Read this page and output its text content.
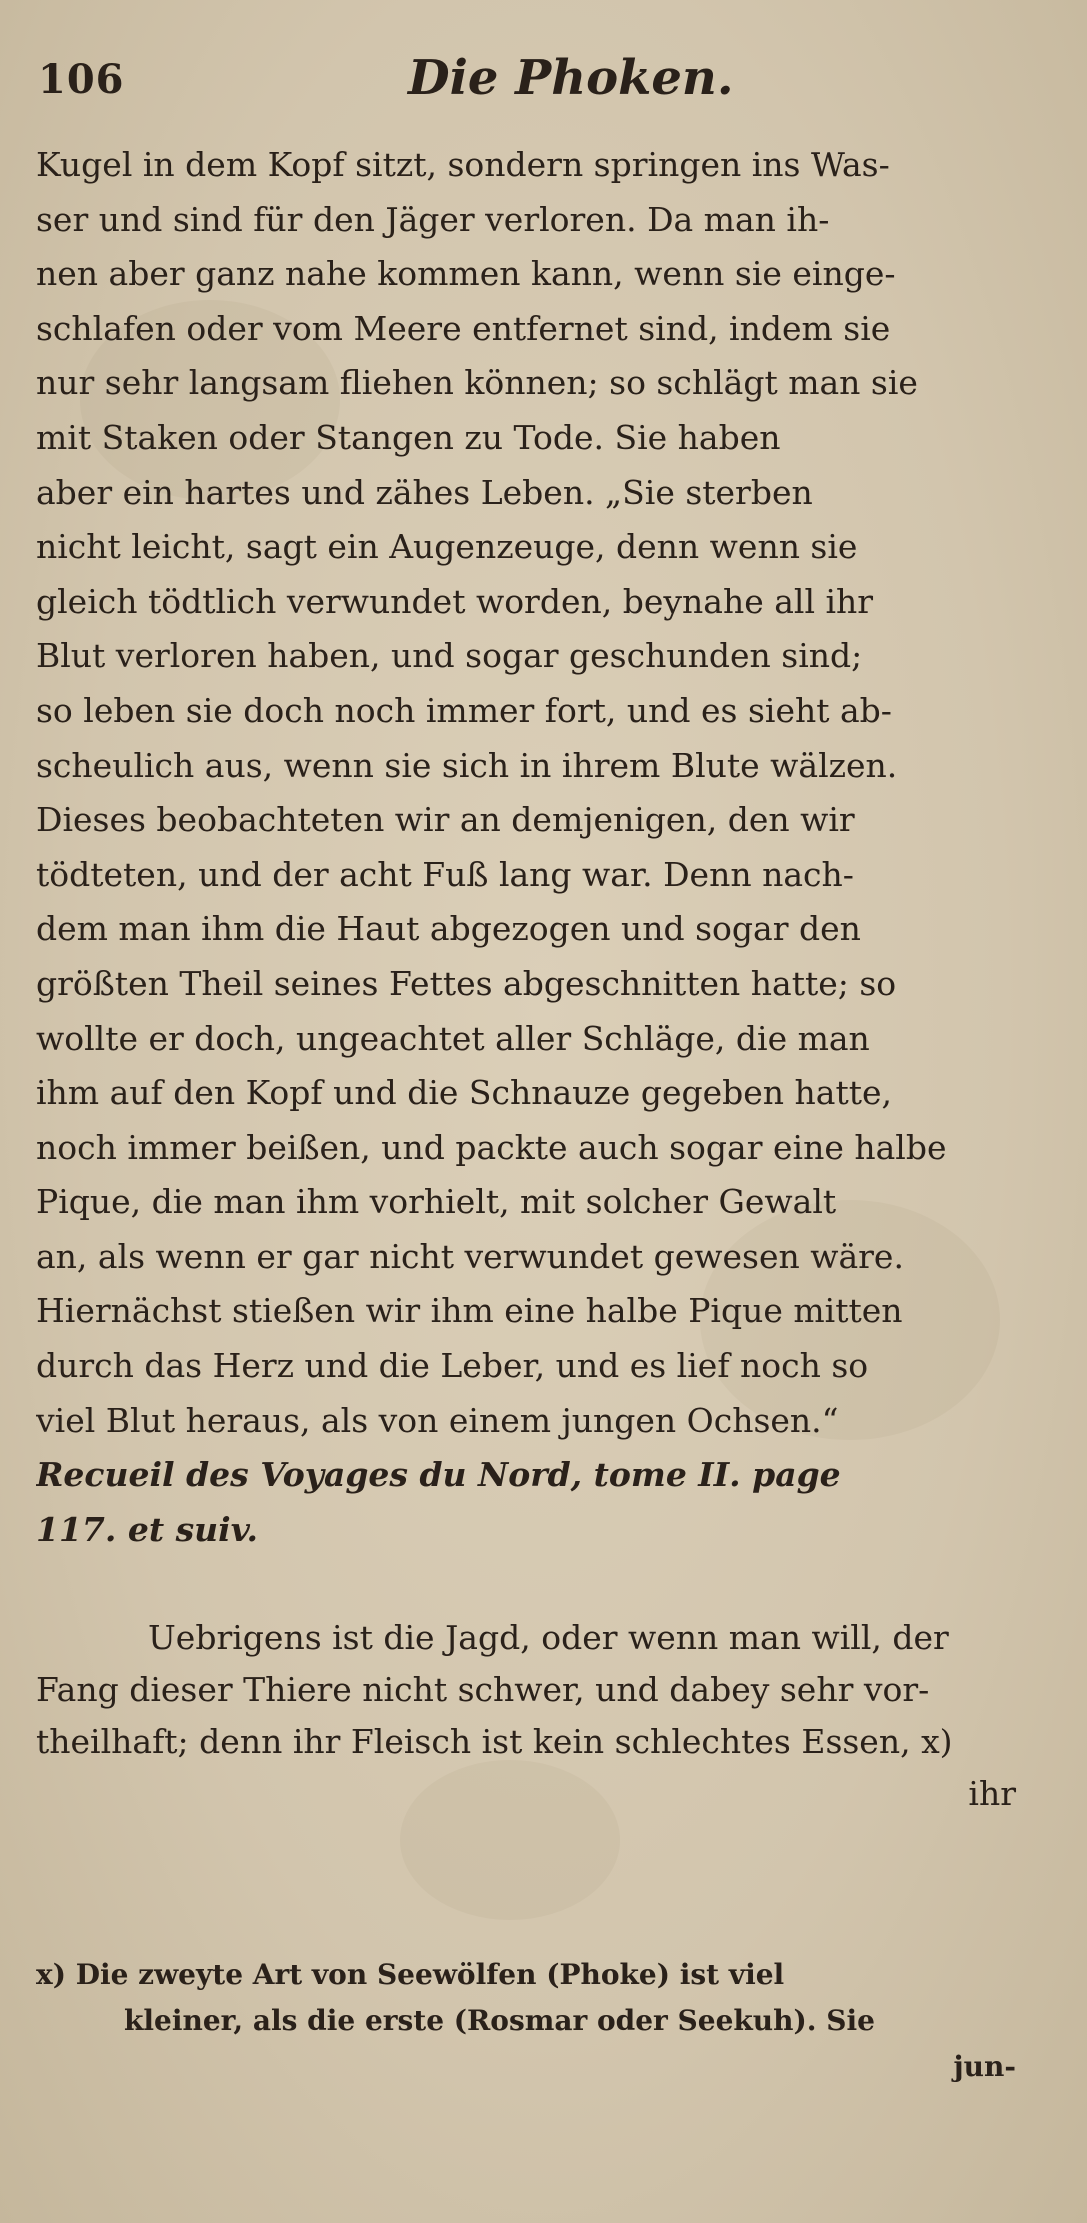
106	Die Phoken.
Kugel in dem Kopf sitzt, sondern springen ins Was-
ser und sind für den Jäger verloren. Da man ih-
nen aber ganz nahe kommen kann, wenn sie einge-
schlafen oder vom Meere entfernet sind, indem sie
nur sehr langsam fliehen können; so schlägt man sie
mit Staken oder Stangen zu Tode. Sie haben
aber ein hartes und zähes Leben. „Sie sterben
nicht leicht, sagt ein Augenzeuge, denn wenn sie
gleich tödtlich verwundet worden, beynahe all ihr
Blut verloren haben, und sogar geschunden sind;
so leben sie doch noch immer fort, und es sieht ab-
scheulich aus, wenn sie sich in ihrem Blute wälzen.
Dieses beobachteten wir an demjenigen, den wir
tödteten, und der acht Fuß lang war. Denn nach-
dem man ihm die Haut abgezogen und sogar den
größten Theil seines Fettes abgeschnitten hatte; so
wollte er doch, ungeachtet aller Schläge, die man
ihm auf den Kopf und die Schnauze gegeben hatte,
noch immer beißen, und packte auch sogar eine halbe
Pique, die man ihm vorhielt, mit solcher Gewalt
an, als wenn er gar nicht verwundet gewesen wäre.
Hiernächst stießen wir ihm eine halbe Pique mitten
durch das Herz und die Leber, und es lief noch so
viel Blut heraus, als von einem jungen Ochsen.“
Recueil des Voyages du Nord, tome II. page
117. et suiv.
Uebrigens ist die Jagd, oder wenn man will, der
Fang dieser Thiere nicht schwer, und dabey sehr vor-
theilhaft; denn ihr Fleisch ist kein schlechtes Essen, x)
ihr
x) Die zweyte Art von Seewölfen (Phoke) ist viel
kleiner, als die erste (Rosmar oder Seekuh). Sie
jun-
